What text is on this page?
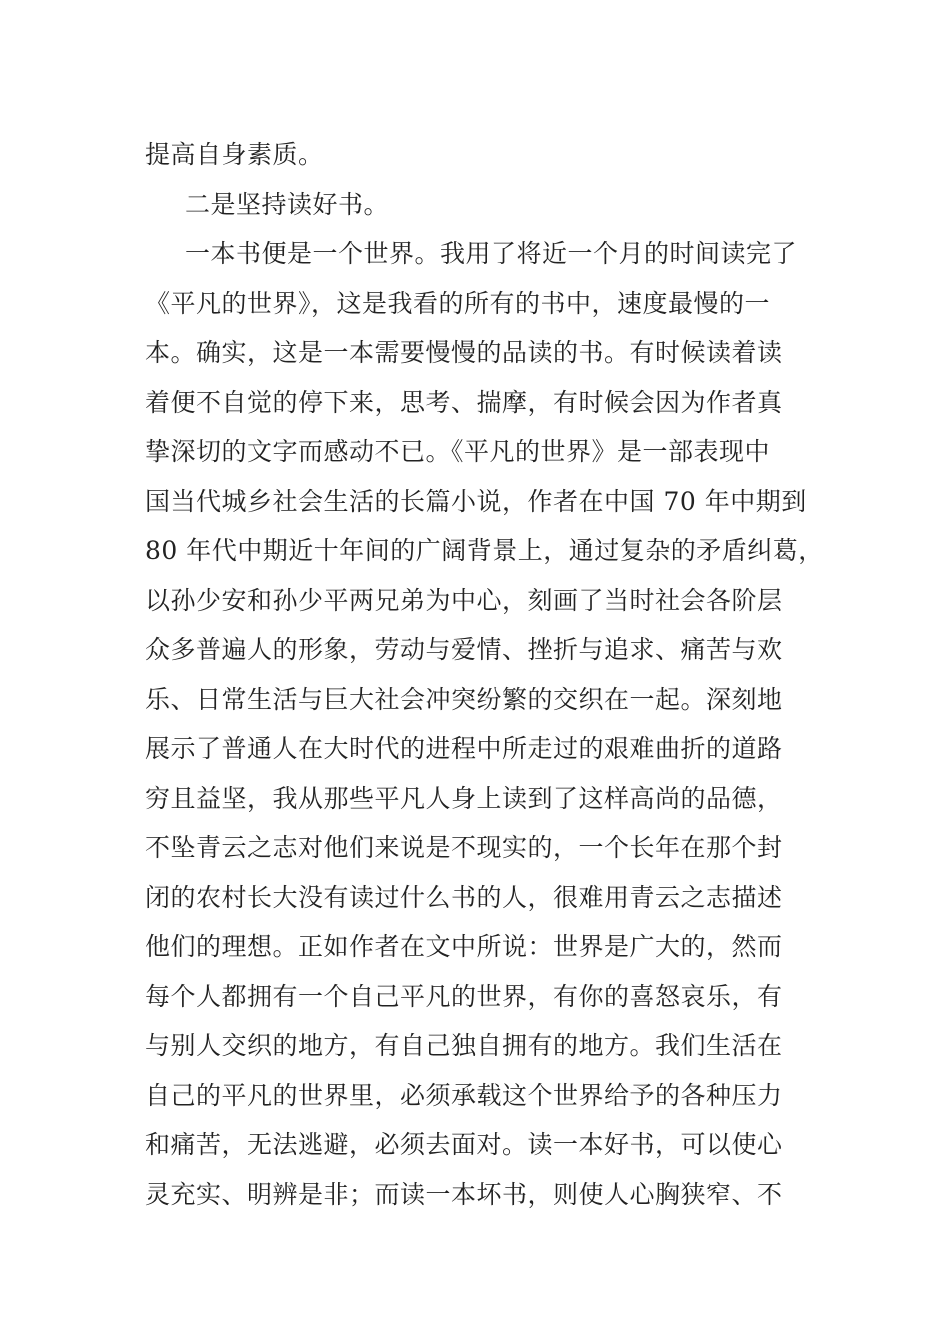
提高自身素质。
二是坚持读好书。
一本书便是一个世界。我用了将近一个月的时间读完了
《平凡的世界》，这是我看的所有的书中，速度最慢的一
本。确实，这是一本需要慢慢的品读的书。有时候读着读
着便不自觉的停下来，思考、揣摩，有时候会因为作者真
挚深切的文字而感动不已。《平凡的世界》是一部表现中
国当代城乡社会生活的长篇小说，作者在中国 70 年中期到
80 年代中期近十年间的广阔背景上，通过复杂的矛盾纠葛，
以孙少安和孙少平两兄弟为中心，刻画了当时社会各阶层
众多普遍人的形象，劳动与爱情、挫折与追求、痛苦与欢
乐、日常生活与巨大社会冲突纷繁的交织在一起。深刻地
展示了普通人在大时代的进程中所走过的艰难曲折的道路
穷且益坚，我从那些平凡人身上读到了这样高尚的品德，
不坠青云之志对他们来说是不现实的，一个长年在那个封
闭的农村长大没有读过什么书的人，很难用青云之志描述
他们的理想。正如作者在文中所说：世界是广大的，然而
每个人都拥有一个自己平凡的世界，有你的喜怒哀乐，有
与别人交织的地方，有自己独自拥有的地方。我们生活在
自己的平凡的世界里，必须承载这个世界给予的各种压力
和痛苦，无法逃避，必须去面对。读一本好书，可以使心
灵充实、明辨是非；而读一本坏书，则使人心胸狭窄、不
